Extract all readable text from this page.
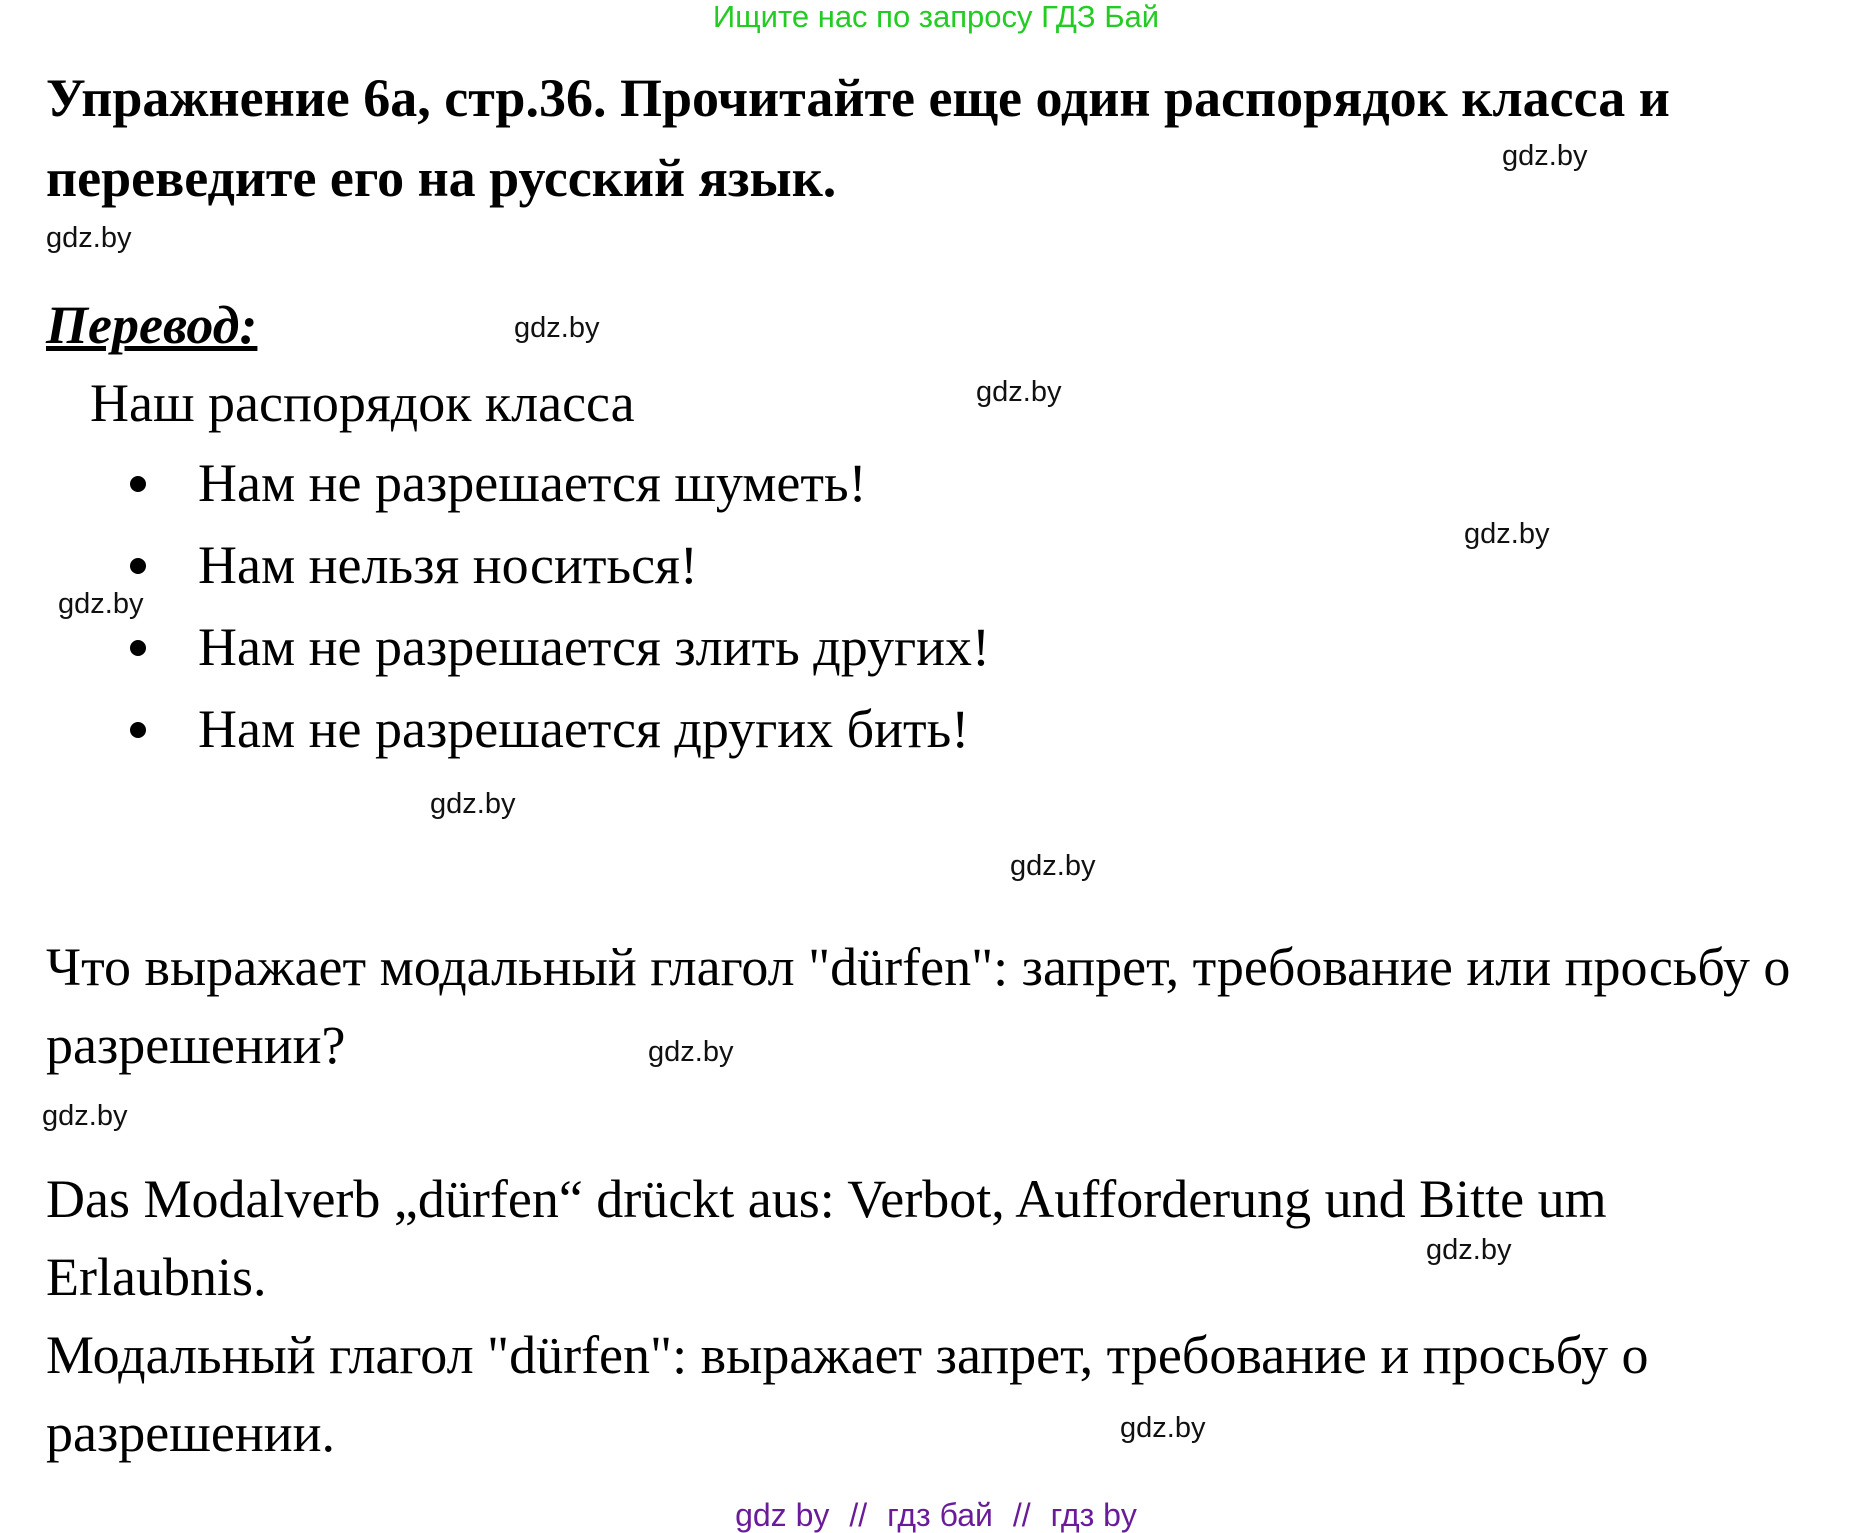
Ищите нас по запросу ГДЗ Бай
Упражнение 6а, стр.36. Прочитайте еще один распорядок класса и переведите его на русский язык.	gdz.by
gdz.by
gdz.by
gdz.by
gdz.by
gdz.by
gdz.by
gdz.by
gdz.by
gdz.by
gdz.by
gdz.by
Перевод:
Наш распорядок класса
Нам не разрешается шуметь!
Нам нельзя носиться!
Нам не разрешается злить других!
Нам не разрешается других бить!

Что выражает модальный глагол "dürfen": запрет, требование или просьбу о разрешении?

Das Modalverb „dürfen“ drückt aus: Verbot, Aufforderung und Bitte um Erlaubnis.

Модальный глагол "dürfen": выражает запрет, требование и просьбу о разрешении.

gdz by // гдз бай // гдз by
